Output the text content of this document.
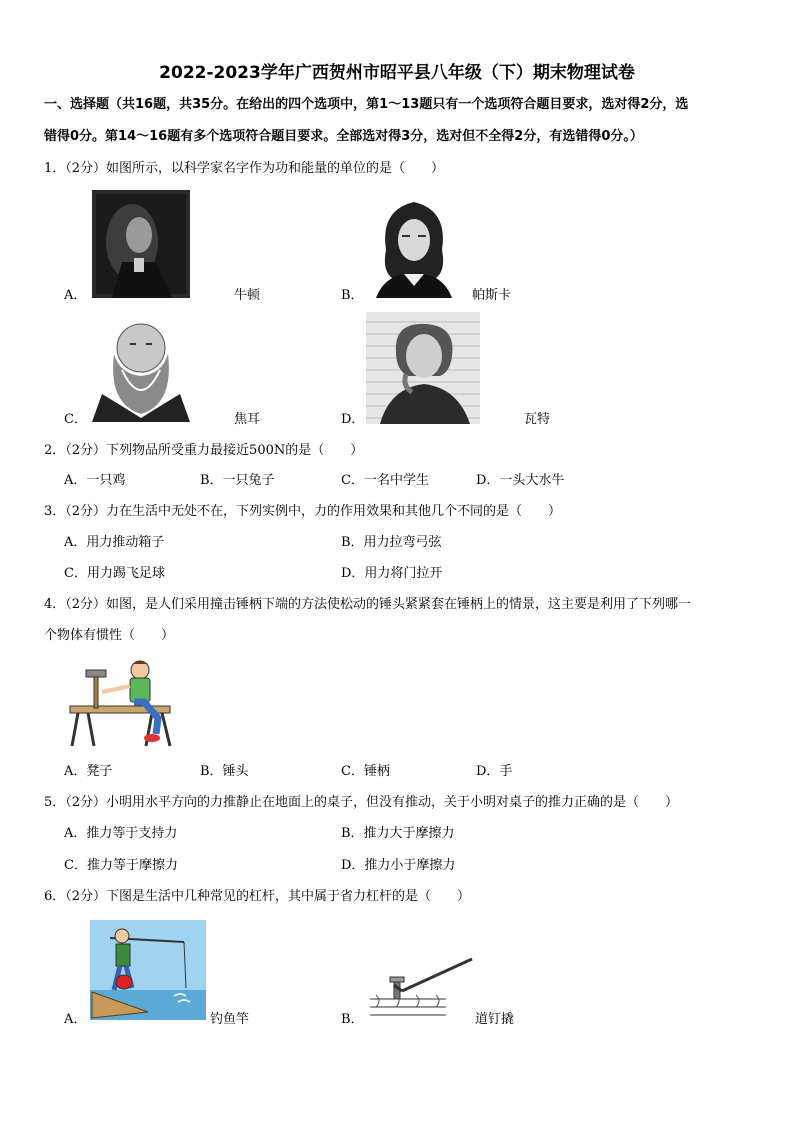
2022-2023学年广西贺州市昭平县八年级（下）期末物理试卷
一、选择题（共16题，共35分。在给出的四个选项中，第1～13题只有一个选项符合题目要求，选对得2分，选
错得0分。第14～16题有多个选项符合题目要求。全部选对得3分，选对但不全得2分，有选错得0分。）
1．（2分）如图所示，以科学家名字作为功和能量的单位的是（　　）
A．	牛顿	B．	帕斯卡
C．	焦耳	D．	瓦特
2．（2分）下列物品所受重力最接近500N的是（　　）
A．一只鸡	B．一只兔子	C．一名中学生	D．一头大水牛
3．（2分）力在生活中无处不在，下列实例中，力的作用效果和其他几个不同的是（　　）
A．用力推动箱子	B．用力拉弯弓弦
C．用力踢飞足球	D．用力将门拉开
4．（2分）如图，是人们采用撞击锤柄下端的方法使松动的锤头紧紧套在锤柄上的情景，这主要是利用了下列哪一
个物体有惯性（　　）
A．凳子	B．锤头	C．锤柄	D．手
5．（2分）小明用水平方向的力推静止在地面上的桌子，但没有推动，关于小明对桌子的推力正确的是（　　）
A．推力等于支持力	B．推力大于摩擦力
C．推力等于摩擦力	D．推力小于摩擦力
6．（2分）下图是生活中几种常见的杠杆，其中属于省力杠杆的是（　　）
A．	钓鱼竿	B．	道钉撬
